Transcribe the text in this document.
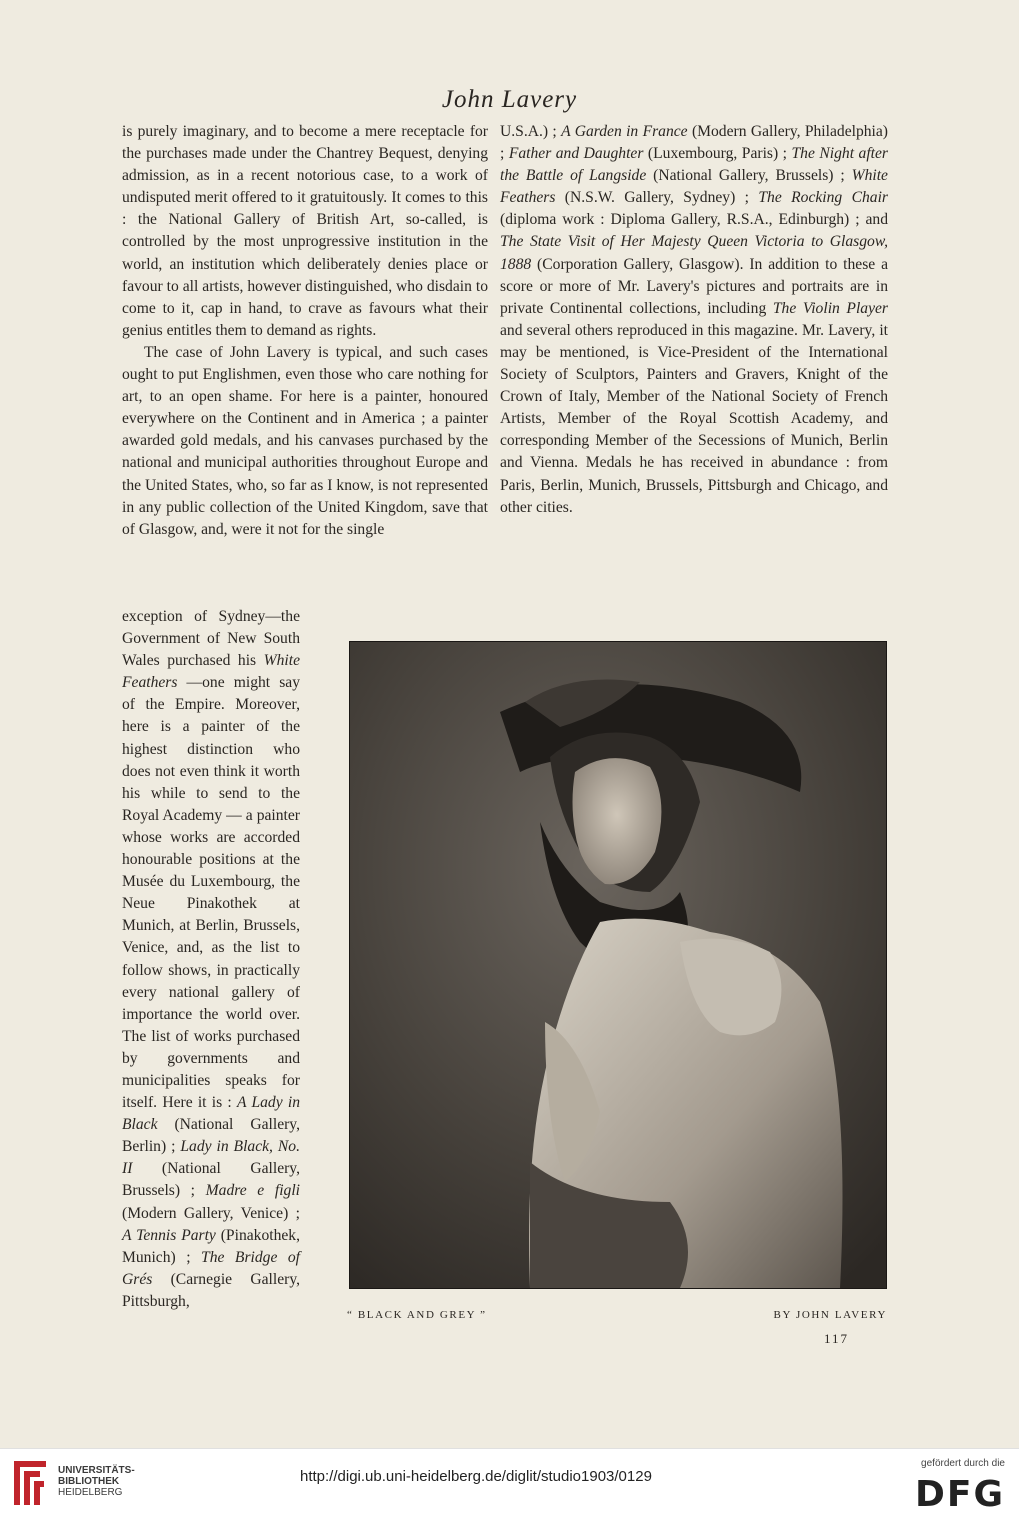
John Lavery

is purely imaginary, and to become a mere receptacle for the purchases made under the Chantrey Bequest, denying admission, as in a recent notorious case, to a work of undisputed merit offered to it gratuitously. It comes to this : the National Gallery of British Art, so-called, is controlled by the most unprogressive institution in the world, an institution which deliberately denies place or favour to all artists, however distinguished, who disdain to come to it, cap in hand, to crave as favours what their genius entitles them to demand as rights.

The case of John Lavery is typical, and such cases ought to put Englishmen, even those who care nothing for art, to an open shame. For here is a painter, honoured everywhere on the Continent and in America ; a painter awarded gold medals, and his canvases purchased by the national and municipal authorities throughout Europe and the United States, who, so far as I know, is not represented in any public collection of the United Kingdom, save that of Glasgow, and, were it not for the single

exception of Sydney—the Government of New South Wales purchased his White Feathers —one might say of the Empire. Moreover, here is a painter of the highest distinction who does not even think it worth his while to send to the Royal Academy — a painter whose works are accorded honourable positions at the Musée du Luxembourg, the Neue Pinakothek at Munich, at Berlin, Brussels, Venice, and, as the list to follow shows, in practically every national gallery of importance the world over. The list of works purchased by governments and municipalities speaks for itself. Here it is : A Lady in Black (National Gallery, Berlin) ; Lady in Black, No. II (National Gallery, Brussels) ; Madre e figli (Modern Gallery, Venice) ; A Tennis Party (Pinakothek, Munich) ; The Bridge of Grés (Carnegie Gallery, Pittsburgh,

U.S.A.) ; A Garden in France (Modern Gallery, Philadelphia) ; Father and Daughter (Luxembourg, Paris) ; The Night after the Battle of Langside (National Gallery, Brussels) ; White Feathers (N.S.W. Gallery, Sydney) ; The Rocking Chair (diploma work : Diploma Gallery, R.S.A., Edinburgh) ; and The State Visit of Her Majesty Queen Victoria to Glasgow, 1888 (Corporation Gallery, Glasgow). In addition to these a score or more of Mr. Lavery's pictures and portraits are in private Continental collections, including The Violin Player and several others reproduced in this magazine. Mr. Lavery, it may be mentioned, is Vice-President of the International Society of Sculptors, Painters and Gravers, Knight of the Crown of Italy, Member of the National Society of French Artists, Member of the Royal Scottish Academy, and corresponding Member of the Secessions of Munich, Berlin and Vienna. Medals he has received in abundance : from Paris, Berlin, Munich, Brussels, Pittsburgh and Chicago, and other cities.

“ BLACK AND GREY ”	BY JOHN LAVERY
117
UNIVERSITÄTS-
BIBLIOTHEK
HEIDELBERG
http://digi.ub.uni-heidelberg.de/diglit/studio1903/0129
gefördert durch die
DFG
